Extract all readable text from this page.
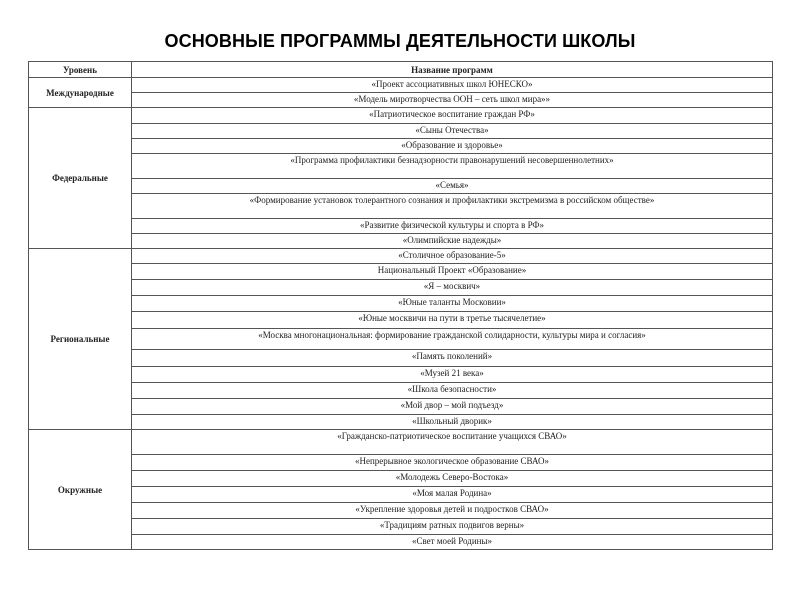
ОСНОВНЫЕ ПРОГРАММЫ ДЕЯТЕЛЬНОСТИ ШКОЛЫ
Уровень	Название программ
Международные	«Проект ассоциативных школ ЮНЕСКО»
	«Модель миротворчества ООН – сеть школ мира»»
Федеральные	«Патриотическое воспитание граждан РФ»
	«Сыны Отечества»
	«Образование и здоровье»
	«Программа профилактики безнадзорности правонарушений несовершеннолетних»
	«Семья»
	«Формирование установок толерантного сознания и профилактики экстремизма в российском обществе»
	«Развитие физической культуры и спорта в РФ»
	«Олимпийские надежды»
Региональные	«Столичное образование-5»
	Национальный Проект «Образование»
	«Я – москвич»
	«Юные таланты Московии»
	«Юные москвичи на пути в третье тысячелетие»
	«Москва многонациональная: формирование гражданской солидарности, культуры мира и согласия»
	«Память поколений»
	«Музей 21 века»
	«Школа безопасности»
	«Мой двор – мой подъезд»
	«Школьный дворик»
Окружные	«Гражданско-патриотическое воспитание учащихся СВАО»
	«Непрерывное экологическое образование СВАО»
	«Молодежь Северо-Востока»
	«Моя малая Родина»
	«Укрепление здоровья детей и подростков СВАО»
	«Традициям ратных подвигов верны»
	«Свет моей Родины»
